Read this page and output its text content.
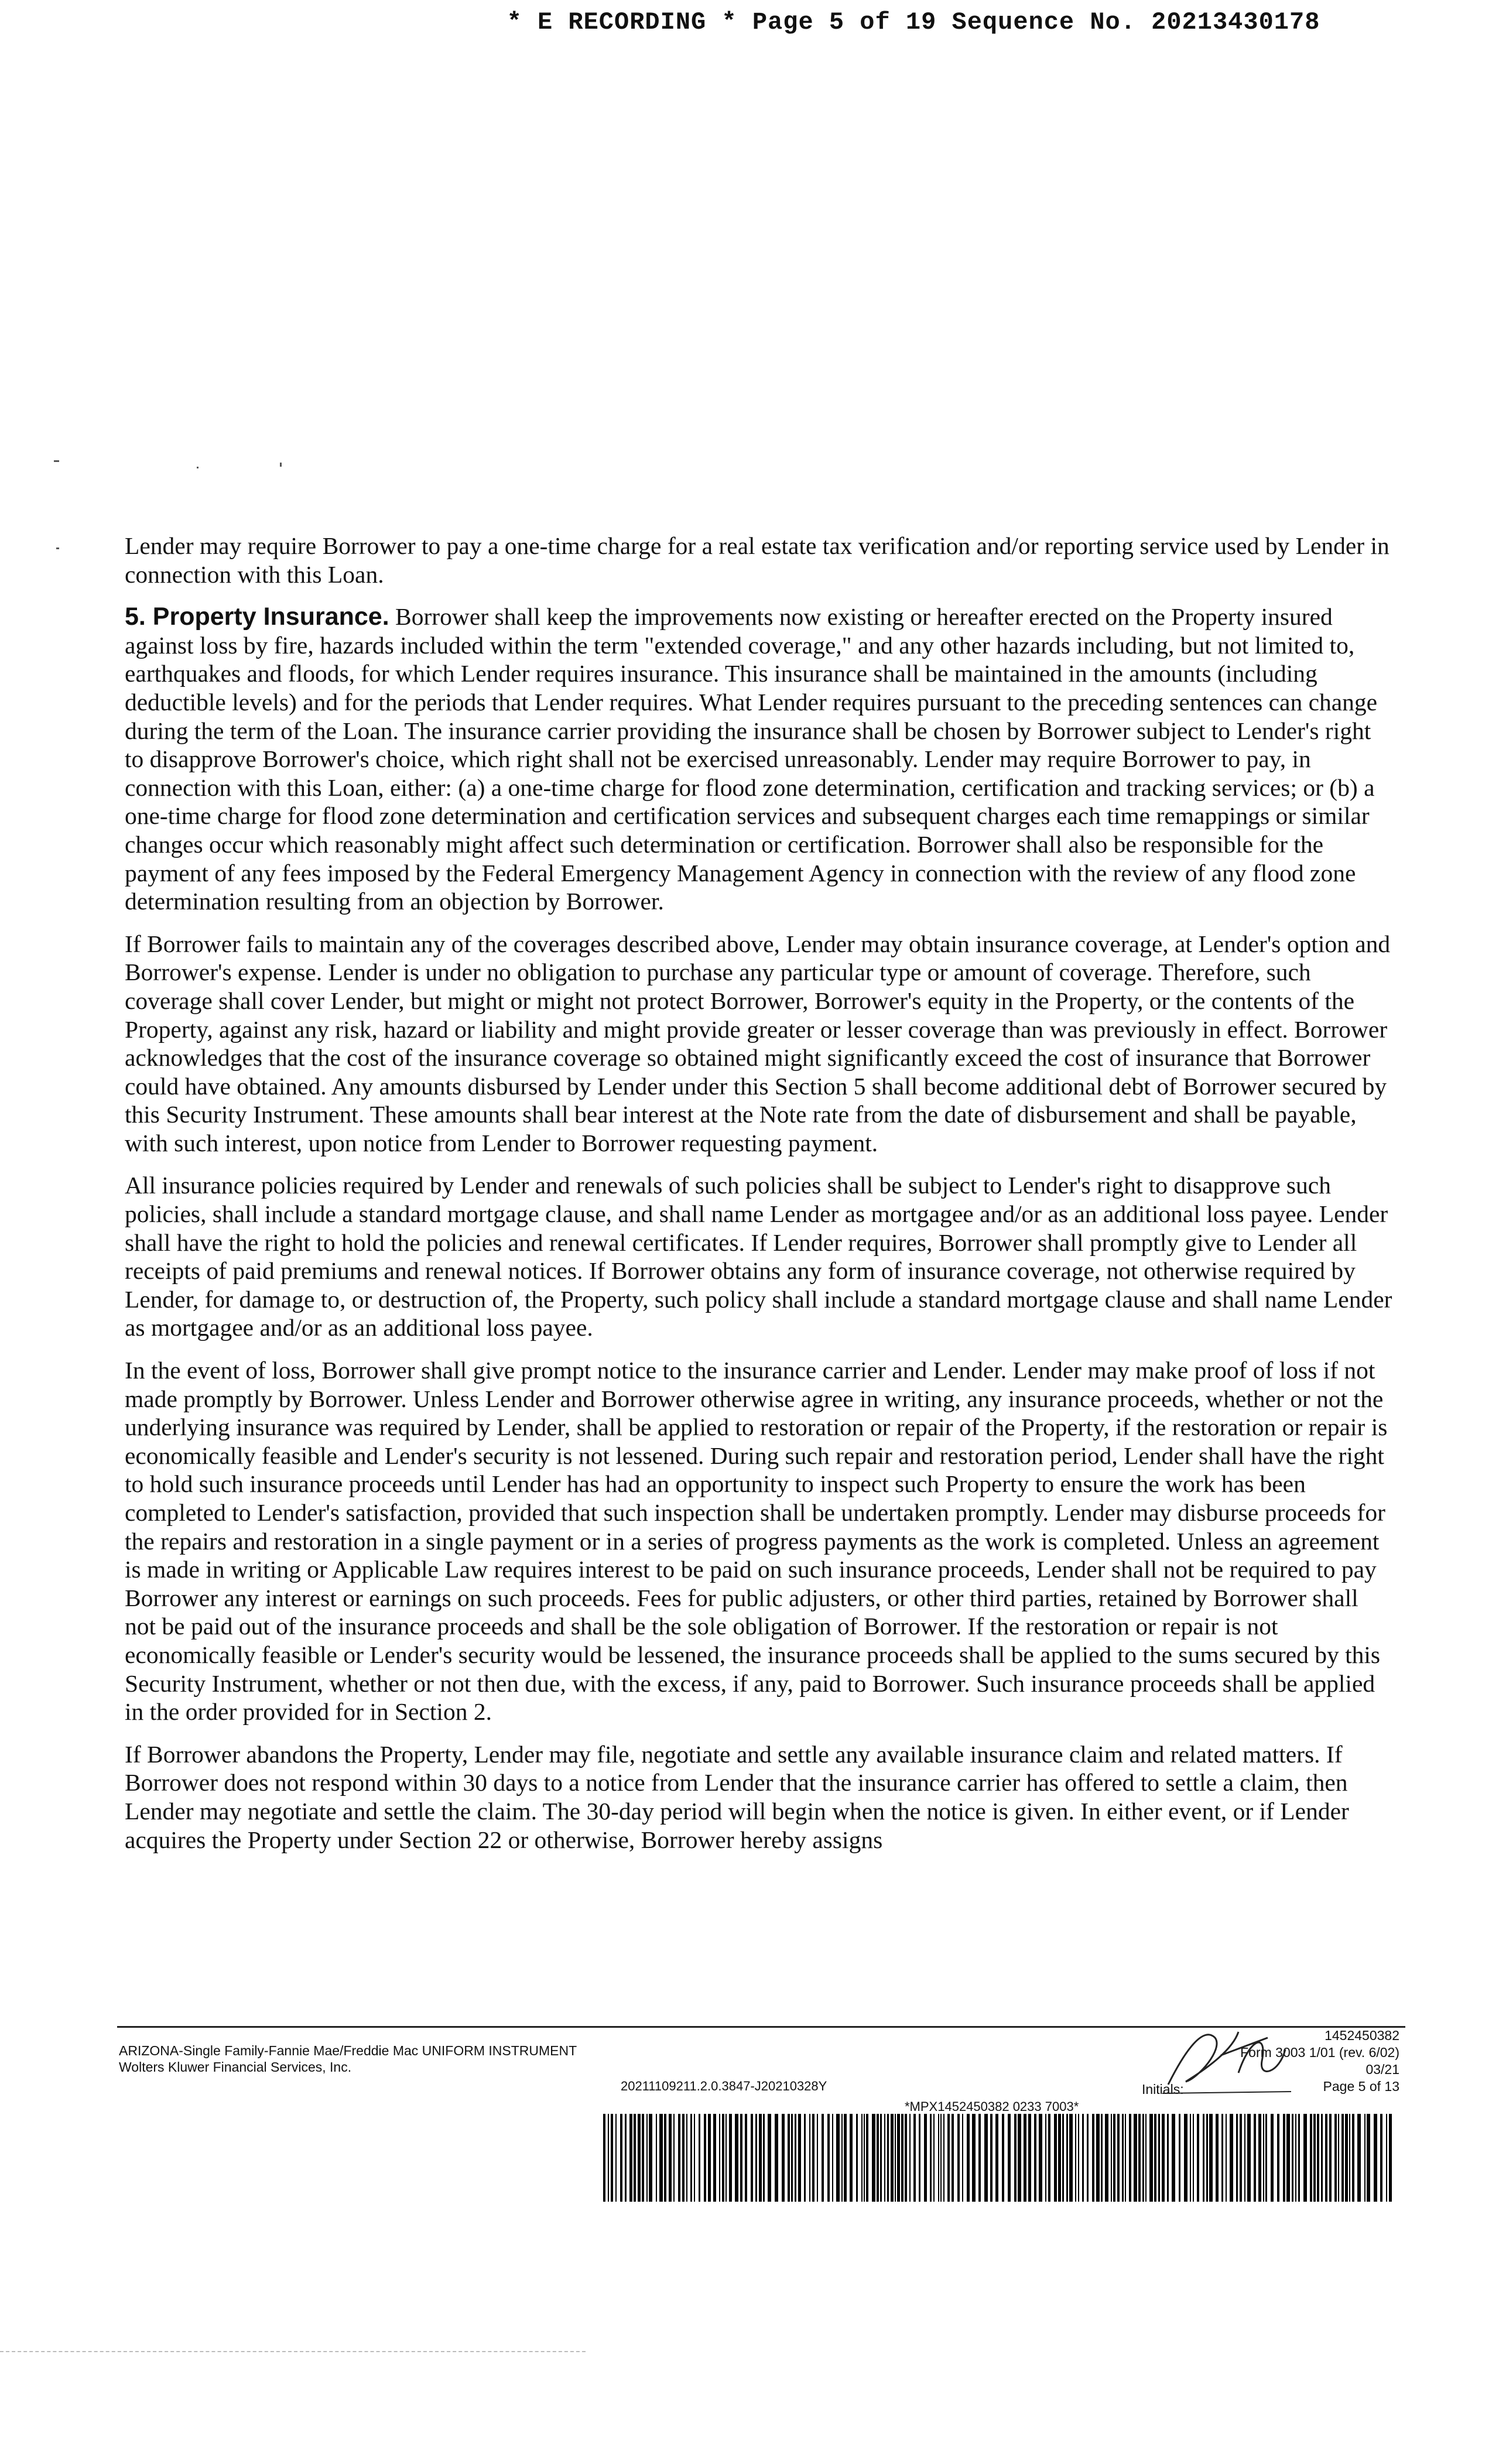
* E RECORDING * Page 5 of 19 Sequence No. 20213430178

Lender may require Borrower to pay a one-time charge for a real estate tax verification and/or reporting service used by Lender in connection with this Loan.

5. Property Insurance. Borrower shall keep the improvements now existing or hereafter erected on the Property insured against loss by fire, hazards included within the term "extended coverage," and any other hazards including, but not limited to, earthquakes and floods, for which Lender requires insurance. This insurance shall be maintained in the amounts (including deductible levels) and for the periods that Lender requires. What Lender requires pursuant to the preceding sentences can change during the term of the Loan. The insurance carrier providing the insurance shall be chosen by Borrower subject to Lender's right to disapprove Borrower's choice, which right shall not be exercised unreasonably. Lender may require Borrower to pay, in connection with this Loan, either: (a) a one-time charge for flood zone determination, certification and tracking services; or (b) a one-time charge for flood zone determination and certification services and subsequent charges each time remappings or similar changes occur which reasonably might affect such determination or certification. Borrower shall also be responsible for the payment of any fees imposed by the Federal Emergency Management Agency in connection with the review of any flood zone determination resulting from an objection by Borrower.

If Borrower fails to maintain any of the coverages described above, Lender may obtain insurance coverage, at Lender's option and Borrower's expense. Lender is under no obligation to purchase any particular type or amount of coverage. Therefore, such coverage shall cover Lender, but might or might not protect Borrower, Borrower's equity in the Property, or the contents of the Property, against any risk, hazard or liability and might provide greater or lesser coverage than was previously in effect. Borrower acknowledges that the cost of the insurance coverage so obtained might significantly exceed the cost of insurance that Borrower could have obtained. Any amounts disbursed by Lender under this Section 5 shall become additional debt of Borrower secured by this Security Instrument. These amounts shall bear interest at the Note rate from the date of disbursement and shall be payable, with such interest, upon notice from Lender to Borrower requesting payment.

All insurance policies required by Lender and renewals of such policies shall be subject to Lender's right to disapprove such policies, shall include a standard mortgage clause, and shall name Lender as mortgagee and/or as an additional loss payee. Lender shall have the right to hold the policies and renewal certificates. If Lender requires, Borrower shall promptly give to Lender all receipts of paid premiums and renewal notices. If Borrower obtains any form of insurance coverage, not otherwise required by Lender, for damage to, or destruction of, the Property, such policy shall include a standard mortgage clause and shall name Lender as mortgagee and/or as an additional loss payee.

In the event of loss, Borrower shall give prompt notice to the insurance carrier and Lender. Lender may make proof of loss if not made promptly by Borrower. Unless Lender and Borrower otherwise agree in writing, any insurance proceeds, whether or not the underlying insurance was required by Lender, shall be applied to restoration or repair of the Property, if the restoration or repair is economically feasible and Lender's security is not lessened. During such repair and restoration period, Lender shall have the right to hold such insurance proceeds until Lender has had an opportunity to inspect such Property to ensure the work has been completed to Lender's satisfaction, provided that such inspection shall be undertaken promptly. Lender may disburse proceeds for the repairs and restoration in a single payment or in a series of progress payments as the work is completed. Unless an agreement is made in writing or Applicable Law requires interest to be paid on such insurance proceeds, Lender shall not be required to pay Borrower any interest or earnings on such proceeds. Fees for public adjusters, or other third parties, retained by Borrower shall not be paid out of the insurance proceeds and shall be the sole obligation of Borrower. If the restoration or repair is not economically feasible or Lender's security would be lessened, the insurance proceeds shall be applied to the sums secured by this Security Instrument, whether or not then due, with the excess, if any, paid to Borrower. Such insurance proceeds shall be applied in the order provided for in Section 2.

If Borrower abandons the Property, Lender may file, negotiate and settle any available insurance claim and related matters. If Borrower does not respond within 30 days to a notice from Lender that the insurance carrier has offered to settle a claim, then Lender may negotiate and settle the claim. The 30-day period will begin when the notice is given. In either event, or if Lender acquires the Property under Section 22 or otherwise, Borrower hereby assigns

ARIZONA-Single Family-Fannie Mae/Freddie Mac UNIFORM INSTRUMENT
Wolters Kluwer Financial Services, Inc.
20211109211.2.0.3847-J20210328Y
1452450382
Form 3003 1/01 (rev. 6/02)
03/21
Page 5 of 13
Initials:
*MPX1452450382 0233 7003*
